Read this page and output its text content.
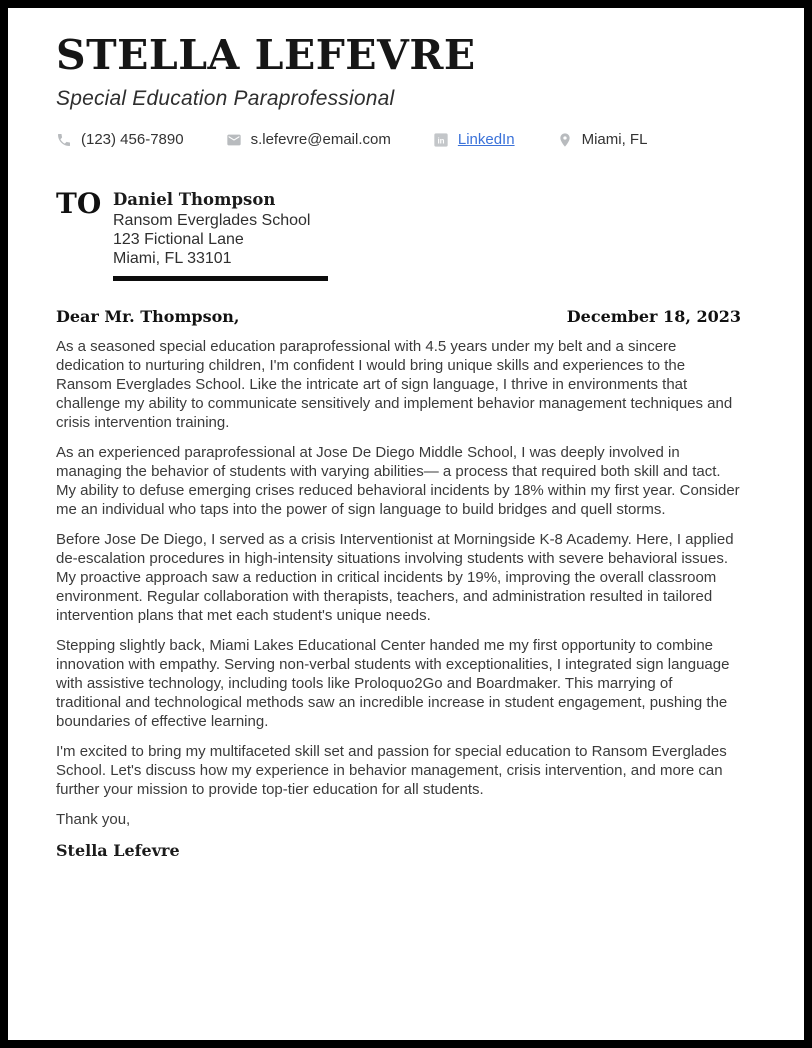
STELLA LEFEVRE
Special Education Paraprofessional
(123) 456-7890	s.lefevre@email.com	in LinkedIn	Miami, FL
TO Daniel Thompson
Ransom Everglades School
123 Fictional Lane
Miami, FL 33101
Dear Mr. Thompson,	December 18, 2023

As a seasoned special education paraprofessional with 4.5 years under my belt and a sincere dedication to nurturing children, I'm confident I would bring unique skills and experiences to the Ransom Everglades School. Like the intricate art of sign language, I thrive in environments that challenge my ability to communicate sensitively and implement behavior management techniques and crisis intervention training.

As an experienced paraprofessional at Jose De Diego Middle School, I was deeply involved in managing the behavior of students with varying abilities— a process that required both skill and tact. My ability to defuse emerging crises reduced behavioral incidents by 18% within my first year. Consider me an individual who taps into the power of sign language to build bridges and quell storms.

Before Jose De Diego, I served as a crisis Interventionist at Morningside K-8 Academy. Here, I applied de-escalation procedures in high-intensity situations involving students with severe behavioral issues. My proactive approach saw a reduction in critical incidents by 19%, improving the overall classroom environment. Regular collaboration with therapists, teachers, and administration resulted in tailored intervention plans that met each student's unique needs.

Stepping slightly back, Miami Lakes Educational Center handed me my first opportunity to combine innovation with empathy. Serving non-verbal students with exceptionalities, I integrated sign language with assistive technology, including tools like Proloquo2Go and Boardmaker. This marrying of traditional and technological methods saw an incredible increase in student engagement, pushing the boundaries of effective learning.

I'm excited to bring my multifaceted skill set and passion for special education to Ransom Everglades School. Let's discuss how my experience in behavior management, crisis intervention, and more can further your mission to provide top-tier education for all students.

Thank you,

Stella Lefevre
